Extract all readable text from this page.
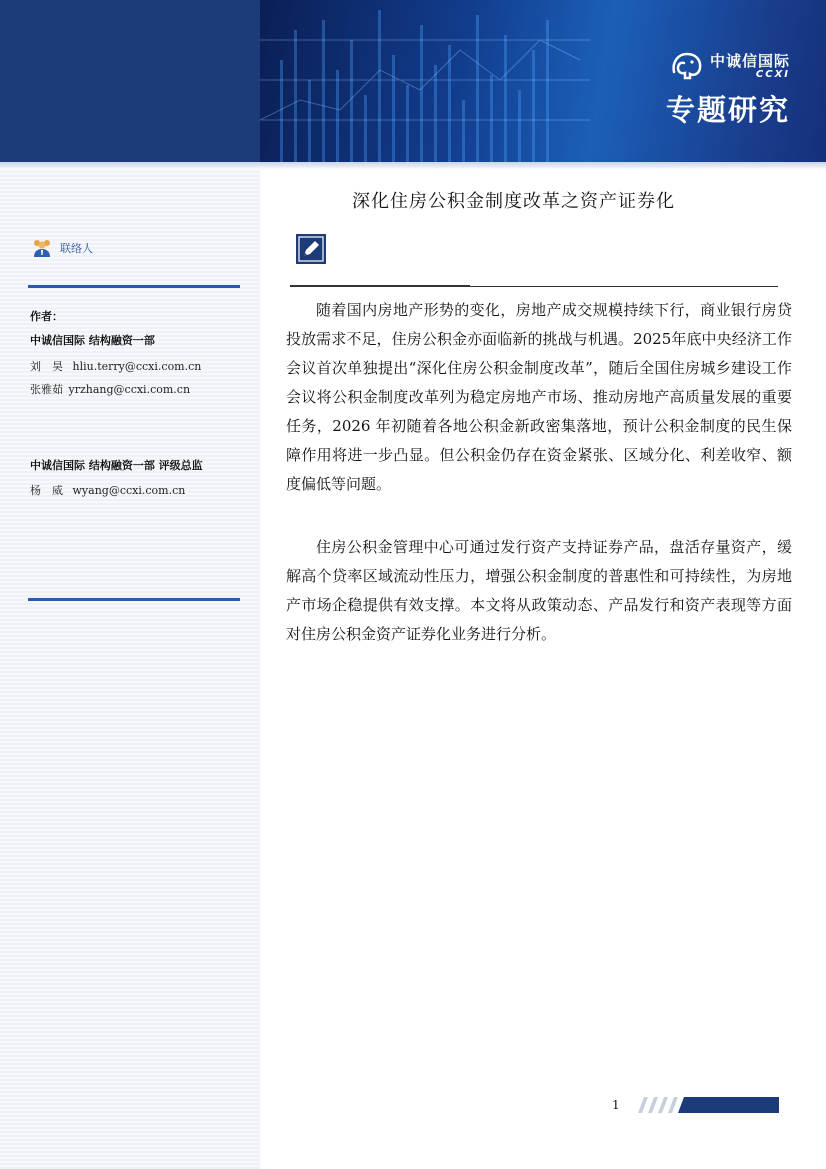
中诚信国际
CCXI
专题研究
联络人
作者：
中诚信国际 结构融资一部
刘　昊 hliu.terry@ccxi.com.cn
张雅茹 yrzhang@ccxi.com.cn
中诚信国际 结构融资一部 评级总监
杨　威 wyang@ccxi.com.cn
深化住房公积金制度改革之资产证券化

随着国内房地产形势的变化，房地产成交规模持续下行，商业银行房贷投放需求不足，住房公积金亦面临新的挑战与机遇。2025年底中央经济工作会议首次单独提出“深化住房公积金制度改革”，随后全国住房城乡建设工作会议将公积金制度改革列为稳定房地产市场、推动房地产高质量发展的重要任务，2026 年初随着各地公积金新政密集落地，预计公积金制度的民生保障作用将进一步凸显。但公积金仍存在资金紧张、区域分化、利差收窄、额度偏低等问题。

住房公积金管理中心可通过发行资产支持证券产品，盘活存量资产，缓解高个贷率区域流动性压力，增强公积金制度的普惠性和可持续性，为房地产市场企稳提供有效支撑。本文将从政策动态、产品发行和资产表现等方面对住房公积金资产证券化业务进行分析。

1
